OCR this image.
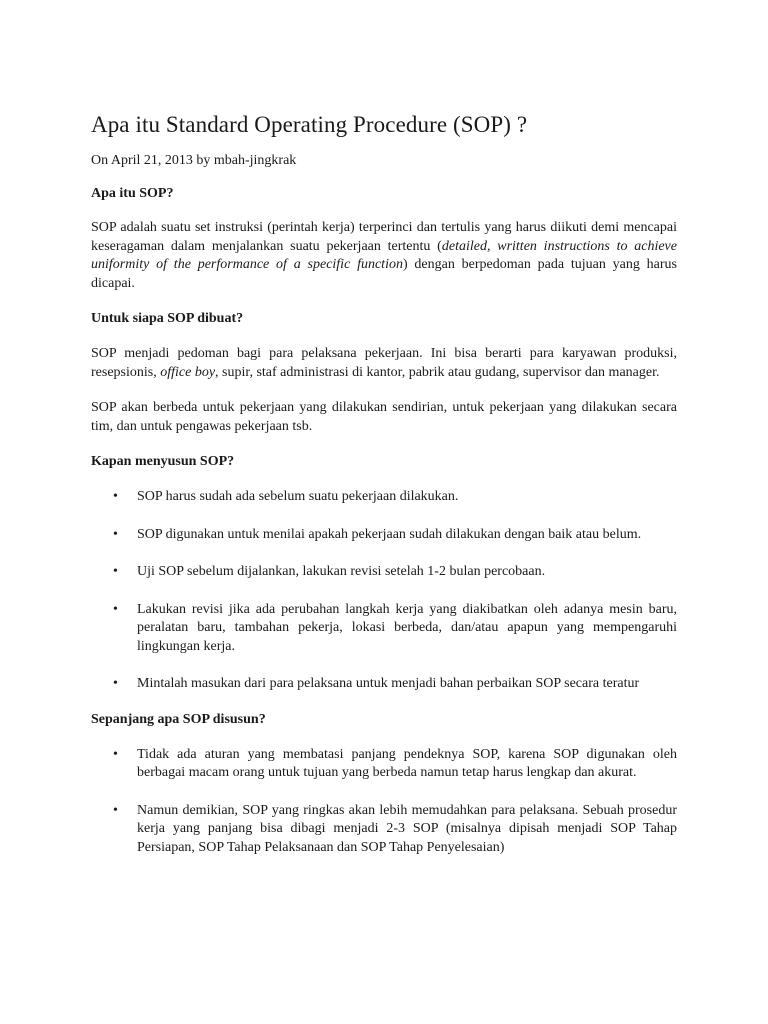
Apa itu Standard Operating Procedure (SOP) ?
On April 21, 2013 by mbah-jingkrak

Apa itu SOP?

SOP adalah suatu set instruksi (perintah kerja) terperinci dan tertulis yang harus diikuti demi mencapai keseragaman dalam menjalankan suatu pekerjaan tertentu (detailed, written instructions to achieve uniformity of the performance of a specific function) dengan berpedoman pada tujuan yang harus dicapai.

Untuk siapa SOP dibuat?

SOP menjadi pedoman bagi para pelaksana pekerjaan. Ini bisa berarti para karyawan produksi, resepsionis, office boy, supir, staf administrasi di kantor, pabrik atau gudang, supervisor dan manager.

SOP akan berbeda untuk pekerjaan yang dilakukan sendirian, untuk pekerjaan yang dilakukan secara tim, dan untuk pengawas pekerjaan tsb.

Kapan menyusun SOP?

• SOP harus sudah ada sebelum suatu pekerjaan dilakukan.
• SOP digunakan untuk menilai apakah pekerjaan sudah dilakukan dengan baik atau belum.
• Uji SOP sebelum dijalankan, lakukan revisi setelah 1-2 bulan percobaan.
• Lakukan revisi jika ada perubahan langkah kerja yang diakibatkan oleh adanya mesin baru, peralatan baru, tambahan pekerja, lokasi berbeda, dan/atau apapun yang mempengaruhi lingkungan kerja.
• Mintalah masukan dari para pelaksana untuk menjadi bahan perbaikan SOP secara teratur

Sepanjang apa SOP disusun?

• Tidak ada aturan yang membatasi panjang pendeknya SOP, karena SOP digunakan oleh berbagai macam orang untuk tujuan yang berbeda namun tetap harus lengkap dan akurat.
• Namun demikian, SOP yang ringkas akan lebih memudahkan para pelaksana. Sebuah prosedur kerja yang panjang bisa dibagi menjadi 2-3 SOP (misalnya dipisah menjadi SOP Tahap Persiapan, SOP Tahap Pelaksanaan dan SOP Tahap Penyelesaian)
